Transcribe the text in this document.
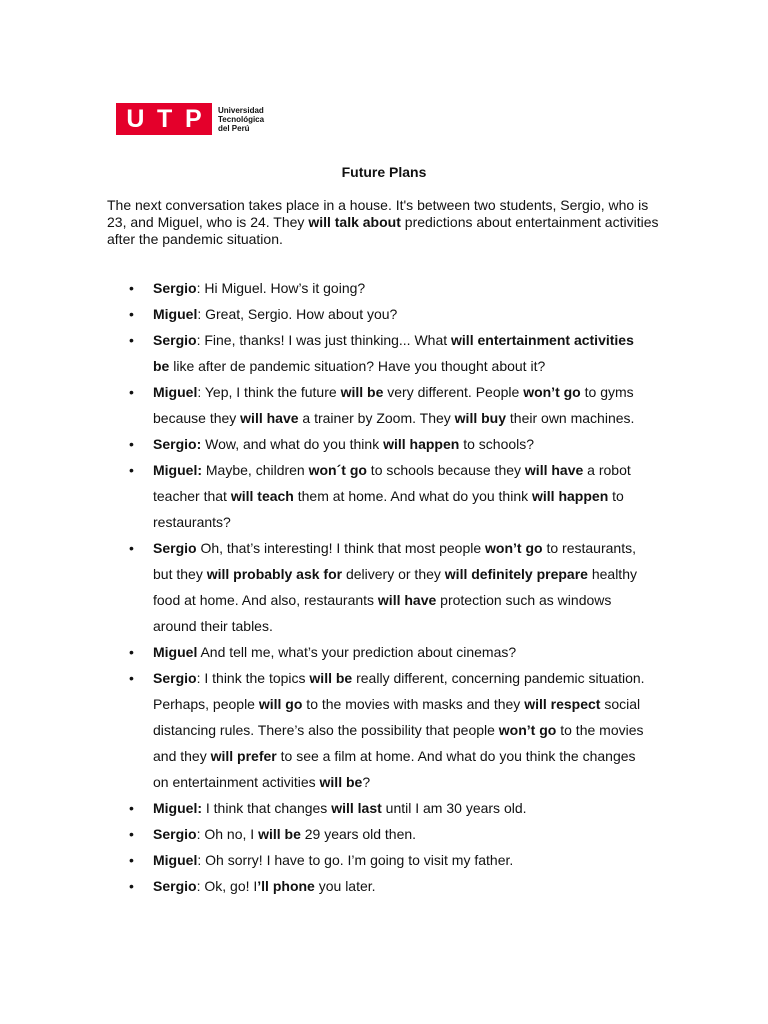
U T P Universidad
Tecnológica
del Perú
Future Plans

The next conversation takes place in a house. It's between two students, Sergio, who is 23, and Miguel, who is 24. They will talk about predictions about entertainment activities after the pandemic situation.

• Sergio: Hi Miguel. How’s it going?
• Miguel: Great, Sergio. How about you?
• Sergio: Fine, thanks! I was just thinking... What will entertainment activities be like after de pandemic situation? Have you thought about it?
• Miguel: Yep, I think the future will be very different. People won’t go to gyms because they will have a trainer by Zoom. They will buy their own machines.
• Sergio: Wow, and what do you think will happen to schools?
• Miguel: Maybe, children won´t go to schools because they will have a robot teacher that will teach them at home. And what do you think will happen to restaurants?
• Sergio Oh, that’s interesting! I think that most people won’t go to restaurants, but they will probably ask for delivery or they will definitely prepare healthy food at home. And also, restaurants will have protection such as windows around their tables.
• Miguel And tell me, what’s your prediction about cinemas?
• Sergio: I think the topics will be really different, concerning pandemic situation. Perhaps, people will go to the movies with masks and they will respect social distancing rules. There’s also the possibility that people won’t go to the movies and they will prefer to see a film at home. And what do you think the changes on entertainment activities will be?
• Miguel: I think that changes will last until I am 30 years old.
• Sergio: Oh no, I will be 29 years old then.
• Miguel: Oh sorry! I have to go. I’m going to visit my father.
• Sergio: Ok, go! I’ll phone you later.
